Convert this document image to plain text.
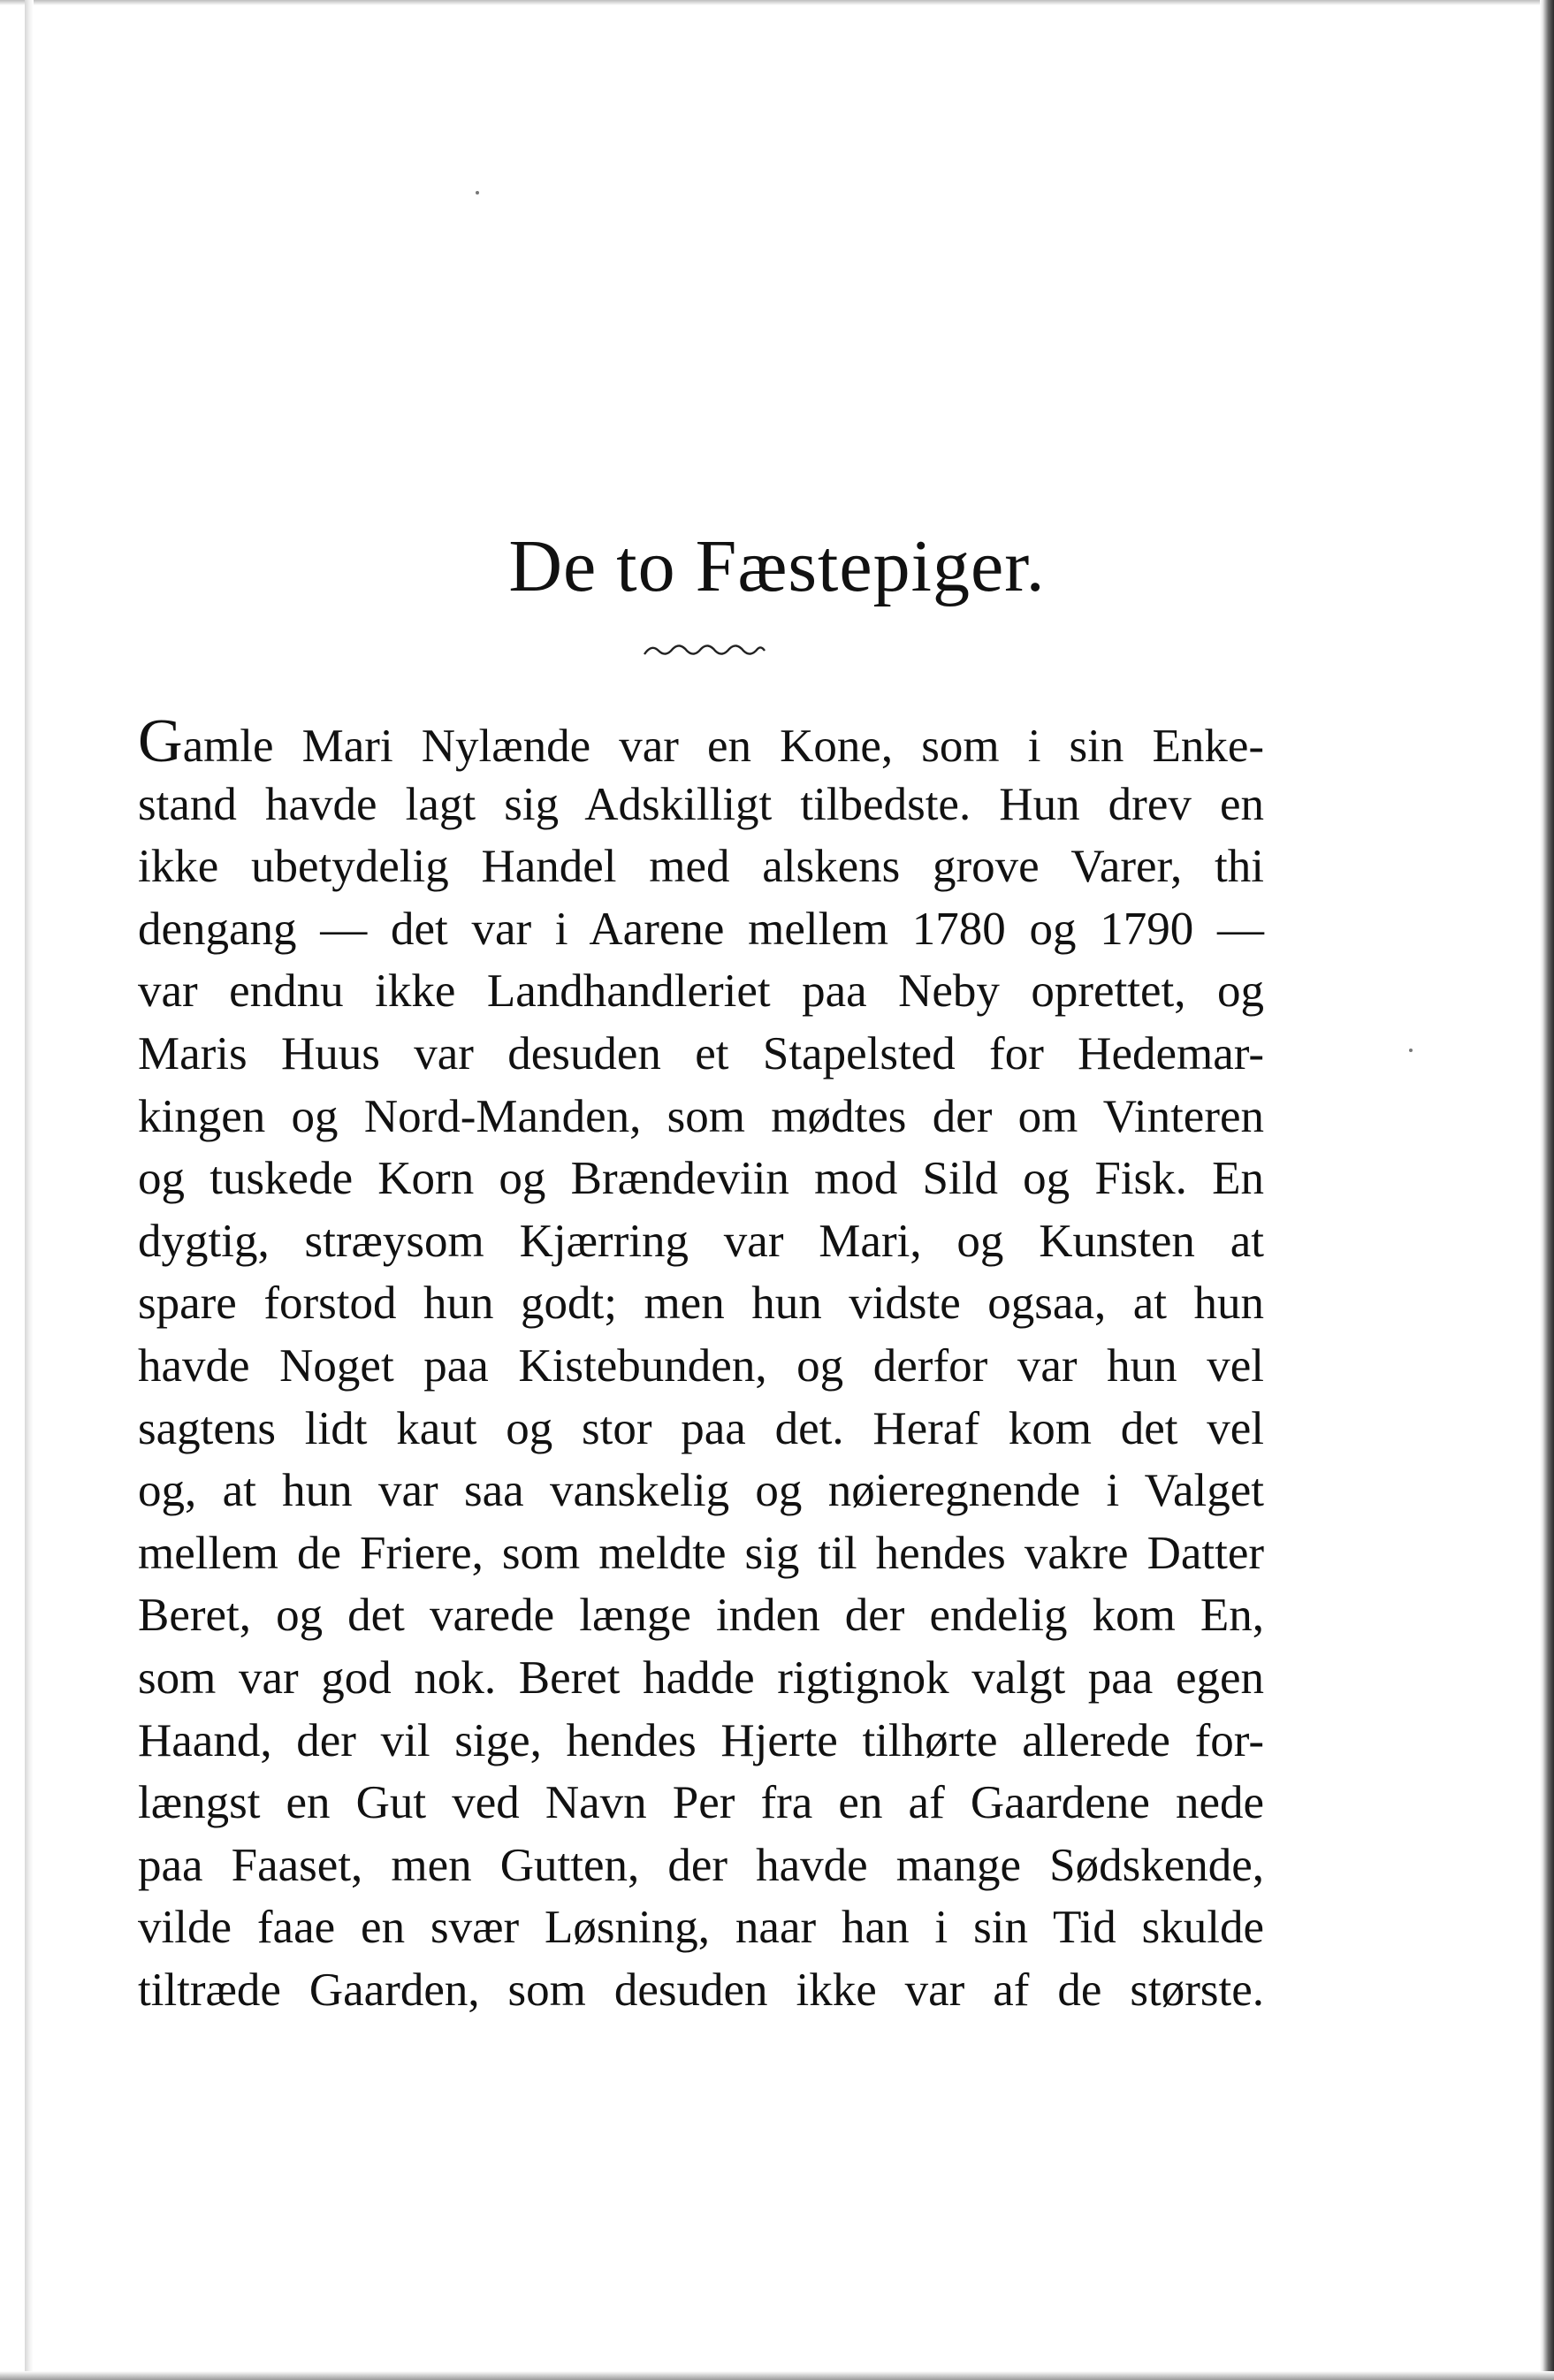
De to Fæstepiger.
Gamle Mari Nylænde var en Kone, som i sin Enke-
stand havde lagt sig Adskilligt tilbedste. Hun drev en
ikke ubetydelig Handel med alskens grove Varer, thi
dengang — det var i Aarene mellem 1780 og 1790 —
var endnu ikke Landhandleriet paa Neby oprettet, og
Maris Huus var desuden et Stapelsted for Hedemar-
kingen og Nord-Manden, som mødtes der om Vinteren
og tuskede Korn og Brændeviin mod Sild og Fisk. En
dygtig, stræysom Kjærring var Mari, og Kunsten at
spare forstod hun godt; men hun vidste ogsaa, at hun
havde Noget paa Kistebunden, og derfor var hun vel
sagtens lidt kaut og stor paa det. Heraf kom det vel
og, at hun var saa vanskelig og nøieregnende i Valget
mellem de Friere, som meldte sig til hendes vakre Datter
Beret, og det varede længe inden der endelig kom En,
som var god nok. Beret hadde rigtignok valgt paa egen
Haand, der vil sige, hendes Hjerte tilhørte allerede for-
længst en Gut ved Navn Per fra en af Gaardene nede
paa Faaset, men Gutten, der havde mange Sødskende,
vilde faae en svær Løsning, naar han i sin Tid skulde
tiltræde Gaarden, som desuden ikke var af de største.
